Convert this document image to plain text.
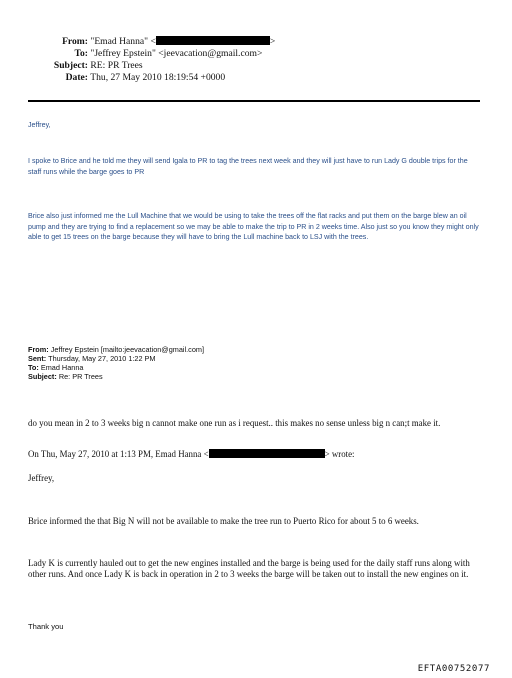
From: "Emad Hanna" <	>
To: "Jeffrey Epstein" <jeevacation@gmail.com>
Subject: RE: PR Trees
Date: Thu, 27 May 2010 18:19:54 +0000
Jeffrey,
I spoke to Brice and he told me they will send Igala to PR to tag the trees next week and they will just have to run Lady G double trips for the staff runs while the barge goes to PR
Brice also just informed me the Lull Machine that we would be using to take the trees off the flat racks and put them on the barge blew an oil pump and they are trying to find a replacement so we may be able to make the trip to PR in 2 weeks time. Also just so you know they might only able to get 15 trees on the barge because they will have to bring the Lull machine back to LSJ with the trees.
From: Jeffrey Epstein [mailto:jeevacation@gmail.com]
Sent: Thursday, May 27, 2010 1:22 PM
To: Emad Hanna
Subject: Re: PR Trees
do you mean in 2 to 3 weeks big n cannot make one run as i request.. this makes no sense unless big n can;t make it.
On Thu, May 27, 2010 at 1:13 PM, Emad Hanna <	> wrote:
Jeffrey,
Brice informed the that Big N will not be available to make the tree run to Puerto Rico for about 5 to 6 weeks.
Lady K is currently hauled out to get the new engines installed and the barge is being used for the daily staff runs along with other runs. And once Lady K is back in operation in 2 to 3 weeks the barge will be taken out to install the new engines on it.
Thank you
EFTA00752077
